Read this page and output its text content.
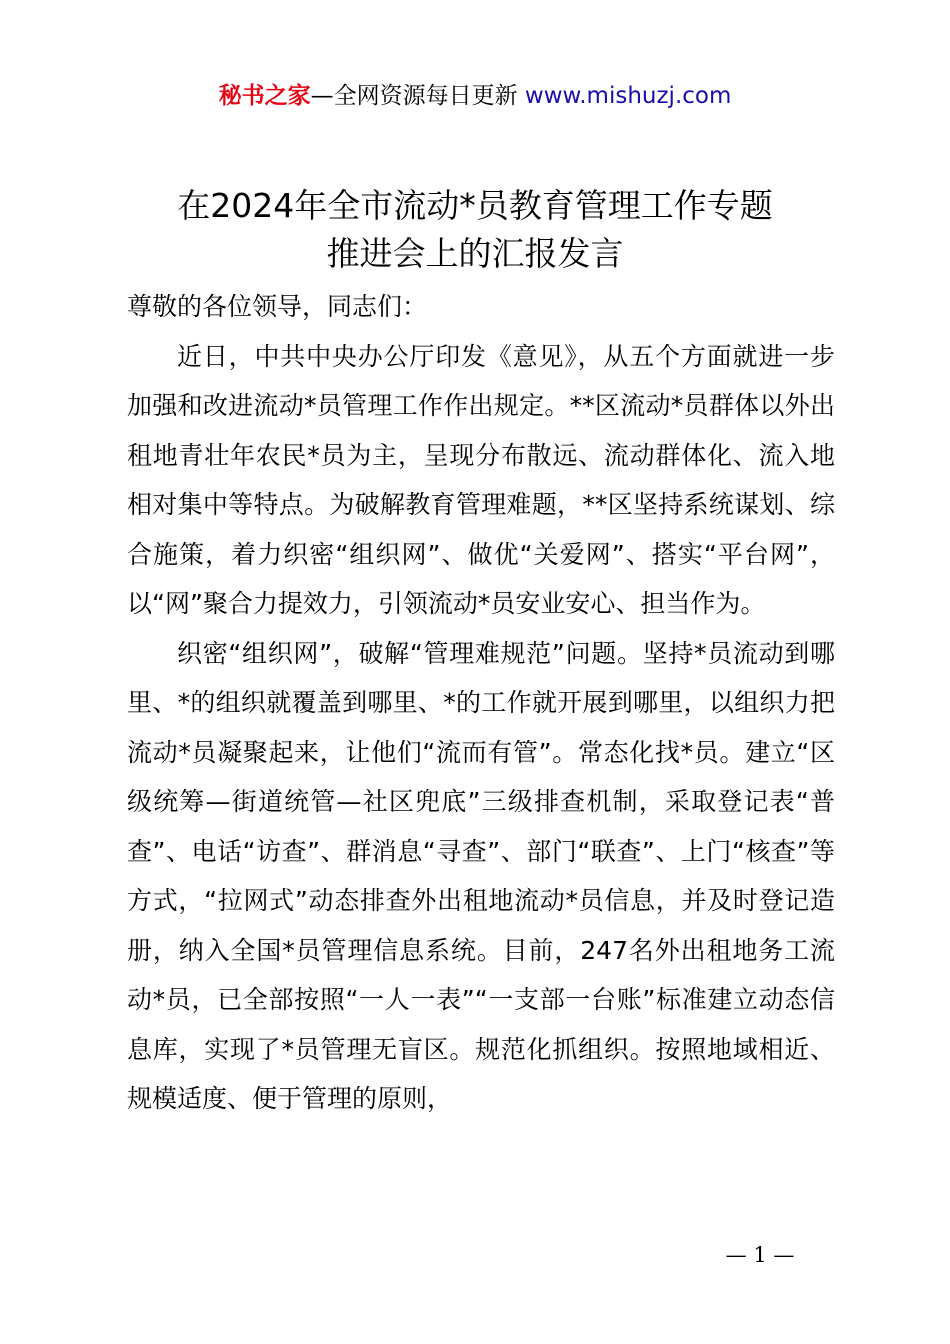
秘书之家—全网资源每日更新 www.mishuzj.com
在2024年全市流动*员教育管理工作专题
推进会上的汇报发言

尊敬的各位领导，同志们：

近日，中共中央办公厅印发《意见》，从五个方面就进一步加强和改进流动*员管理工作作出规定。**区流动*员群体以外出租地青壮年农民*员为主，呈现分布散远、流动群体化、流入地相对集中等特点。为破解教育管理难题，**区坚持系统谋划、综合施策，着力织密“组织网”、做优“关爱网”、搭实“平台网”，以“网”聚合力提效力，引领流动*员安业安心、担当作为。

织密“组织网”，破解“管理难规范”问题。坚持*员流动到哪里、*的组织就覆盖到哪里、*的工作就开展到哪里，以组织力把流动*员凝聚起来，让他们“流而有管”。常态化找*员。建立“区级统筹—街道统管—社区兜底”三级排查机制，采取登记表“普查”、电话“访查”、群消息“寻查”、部门“联查”、上门“核查”等方式，“拉网式”动态排查外出租地流动*员信息，并及时登记造册，纳入全国*员管理信息系统。目前，247名外出租地务工流动*员，已全部按照“一人一表”“一支部一台账”标准建立动态信息库，实现了*员管理无盲区。规范化抓组织。按照地域相近、规模适度、便于管理的原则，

— 1 —
